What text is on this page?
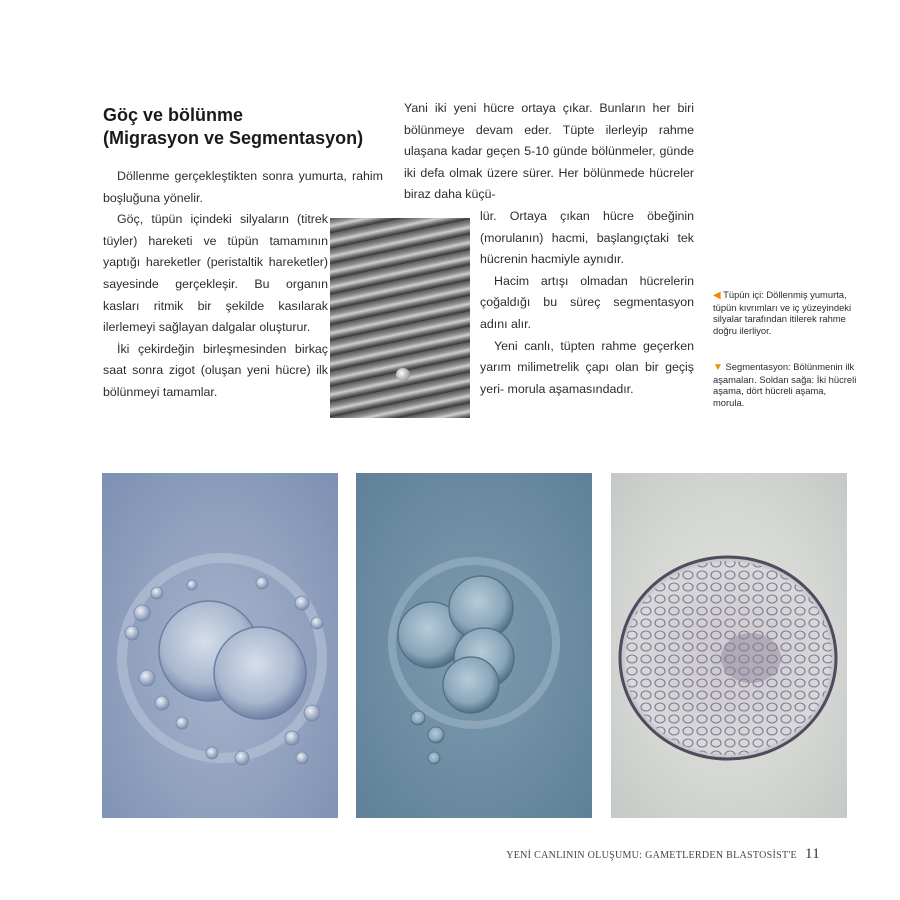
Göç ve bölünme
(Migrasyon ve Segmentasyon)

Döllenme gerçekleştikten sonra yumurta, rahim boşluğuna yönelir.

Göç, tüpün içindeki silyaların (titrek tüyler) hareketi ve tüpün tamamının yaptığı hareketler (peristaltik hareketler) sayesinde gerçekleşir. Bu organın kasları ritmik bir şekilde kasılarak ilerlemeyi sağlayan dalgalar oluşturur.

İki çekirdeğin birleşmesinden birkaç saat sonra zigot (oluşan yeni hücre) ilk bölünmeyi tamamlar.

Yani iki yeni hücre ortaya çıkar. Bunların her biri bölünmeye devam eder. Tüpte ilerleyip rahme ulaşana kadar geçen 5-10 günde bölünmeler, günde iki defa olmak üzere sürer. Her bölünmede hücreler biraz daha küçü-

lür. Ortaya çıkan hücre öbeğinin (morulanın) hacmi, başlangıçtaki tek hücrenin hacmiyle aynıdır.

Hacim artışı olmadan hücrelerin çoğaldığı bu süreç segmentasyon adını alır.

Yeni canlı, tüpten rahme geçerken yarım milimetrelik çapı olan bir geçiş yeri- morula aşamasındadır.

◀ Tüpün içi: Döllenmiş yumurta, tüpün kıvrımları ve iç yüzeyindeki silyalar tarafından itilerek rahme doğru ilerliyor.
▼ Segmentasyon: Bölünmenin ilk aşamaları. Soldan sağa: İki hücreli aşama, dört hücreli aşama, morula.
YENİ CANLININ OLUŞUMU: GAMETLERDEN BLASTOSİST'E 11
